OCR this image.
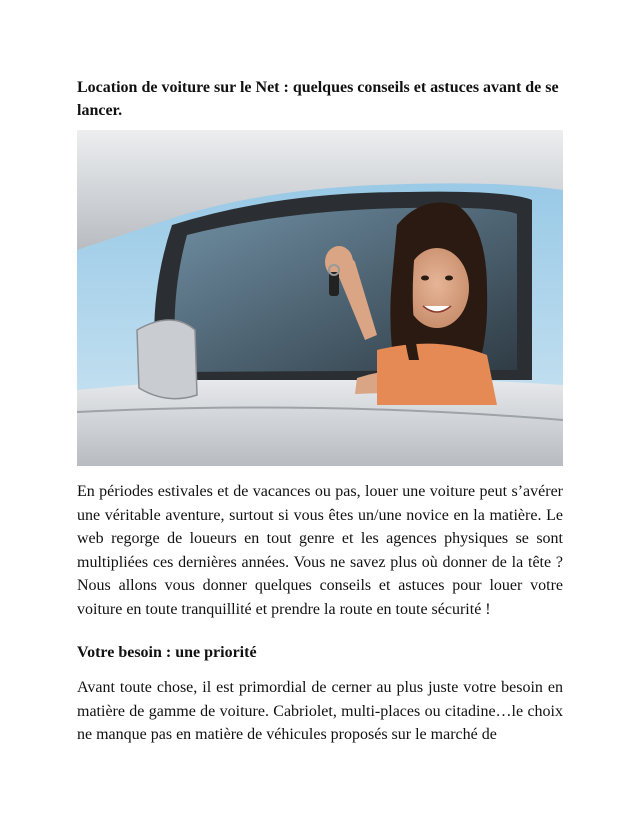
Location de voiture sur le Net : quelques conseils et astuces avant de se lancer.

En périodes estivales et de vacances ou pas, louer une voiture peut s’avérer une véritable aventure, surtout si vous êtes un/une novice en la matière. Le web regorge de loueurs en tout genre et les agences physiques se sont multipliées ces dernières années. Vous ne savez plus où donner de la tête ? Nous allons vous donner quelques conseils et astuces pour louer votre voiture en toute tranquillité et prendre la route en toute sécurité !

Votre besoin : une priorité

Avant toute chose, il est primordial de cerner au plus juste votre besoin en matière de gamme de voiture. Cabriolet, multi-places ou citadine…le choix ne manque pas en matière de véhicules proposés sur le marché de
